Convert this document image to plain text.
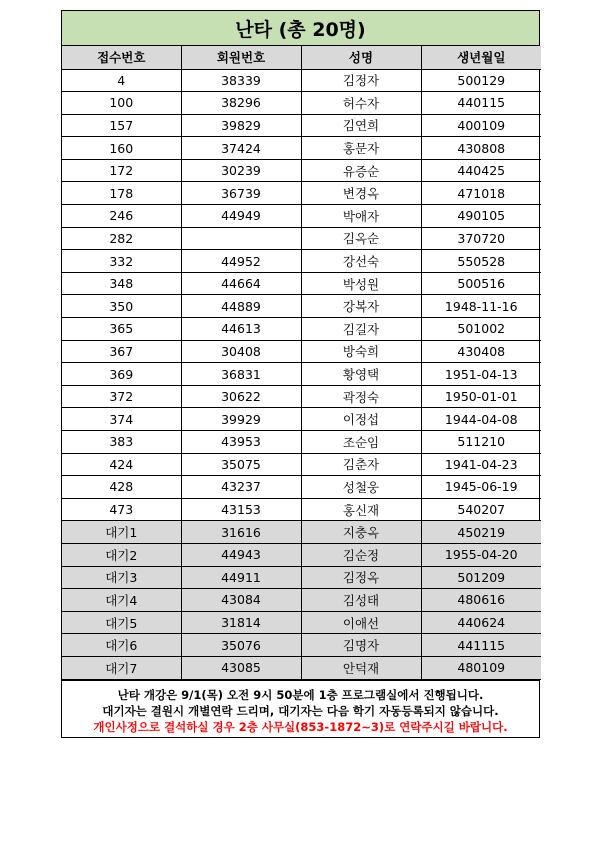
난타 (총 20명)
접수번호	회원번호	성명	생년월일
4	38339	김정자	500129
100	38296	허수자	440115
157	39829	김연희	400109
160	37424	홍문자	430808
172	30239	유증순	440425
178	36739	변경옥	471018
246	44949	박애자	490105
282		김옥순	370720
332	44952	강선숙	550528
348	44664	박성원	500516
350	44889	강복자	1948-11-16
365	44613	김길자	501002
367	30408	방숙희	430408
369	36831	황영택	1951-04-13
372	30622	곽정숙	1950-01-01
374	39929	이정섭	1944-04-08
383	43953	조순임	511210
424	35075	김춘자	1941-04-23
428	43237	성철웅	1945-06-19
473	43153	홍신재	540207
대기1	31616	지충옥	450219
대기2	44943	김순정	1955-04-20
대기3	44911	김정옥	501209
대기4	43084	김성태	480616
대기5	31814	이애선	440624
대기6	35076	김명자	441115
대기7	43085	안덕재	480109
난타 개강은 9/1(목) 오전 9시 50분에 1층 프로그램실에서 진행됩니다.
대기자는 결원시 개별연락 드리며, 대기자는 다음 학기 자동등록되지 않습니다.
개인사정으로 결석하실 경우 2층 사무실(853-1872~3)로 연락주시길 바랍니다.
